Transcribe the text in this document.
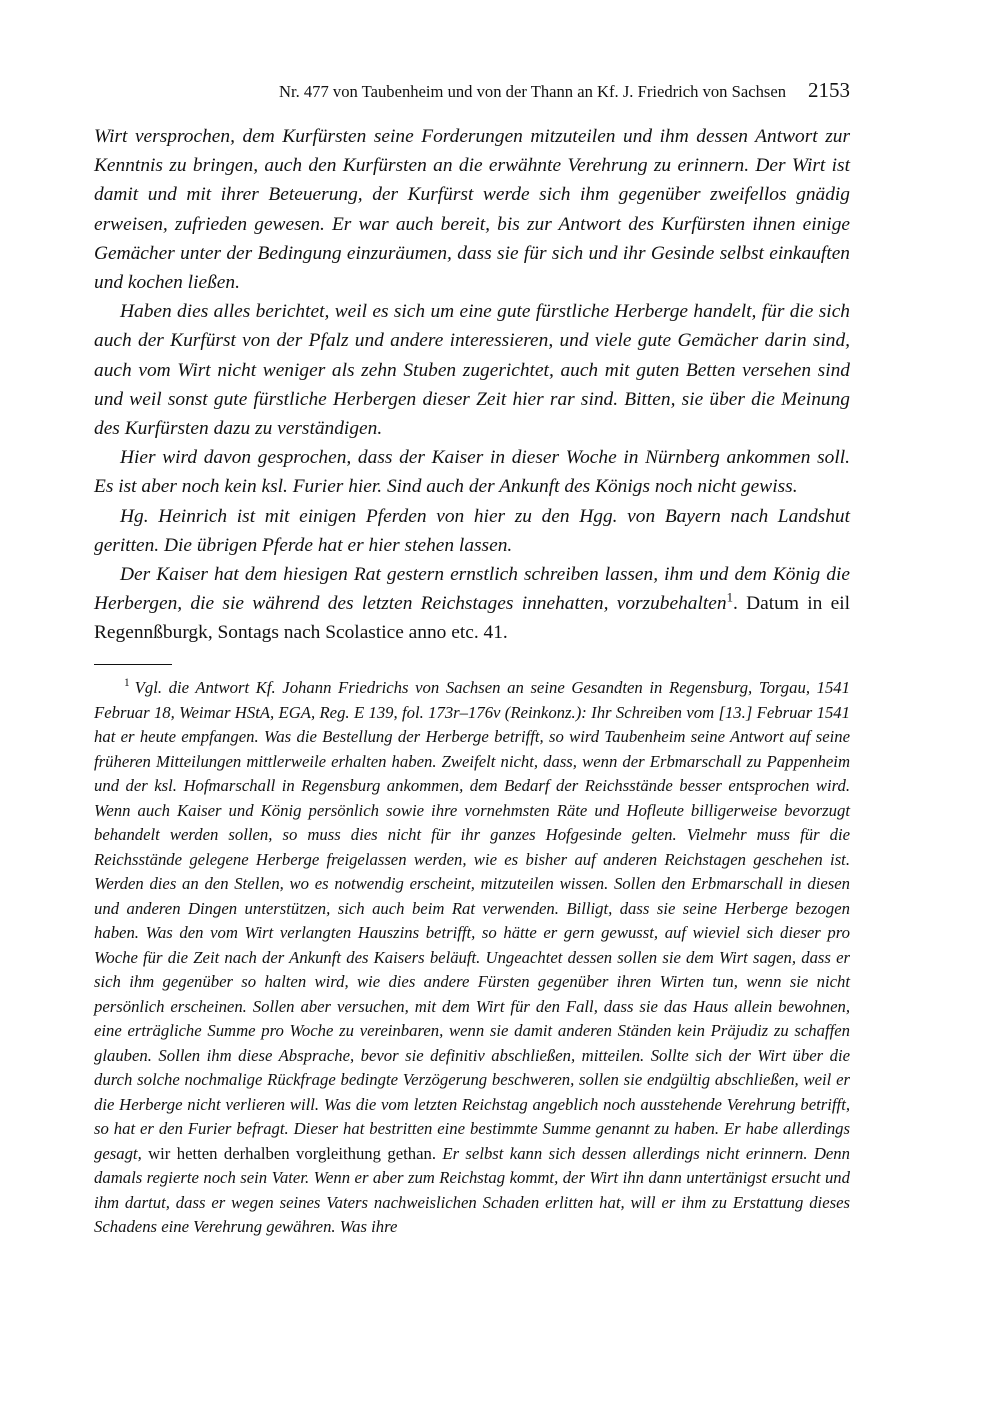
Nr. 477 von Taubenheim und von der Thann an Kf. J. Friedrich von Sachsen 2153

Wirt versprochen, dem Kurfürsten seine Forderungen mitzuteilen und ihm dessen Antwort zur Kenntnis zu bringen, auch den Kurfürsten an die erwähnte Verehrung zu erinnern. Der Wirt ist damit und mit ihrer Beteuerung, der Kurfürst werde sich ihm gegenüber zweifellos gnädig erweisen, zufrieden gewesen. Er war auch bereit, bis zur Antwort des Kurfürsten ihnen einige Gemächer unter der Bedingung einzuräumen, dass sie für sich und ihr Gesinde selbst einkauften und kochen ließen.

Haben dies alles berichtet, weil es sich um eine gute fürstliche Herberge handelt, für die sich auch der Kurfürst von der Pfalz und andere interessieren, und viele gute Gemächer darin sind, auch vom Wirt nicht weniger als zehn Stuben zugerichtet, auch mit guten Betten versehen sind und weil sonst gute fürstliche Herbergen dieser Zeit hier rar sind. Bitten, sie über die Meinung des Kurfürsten dazu zu verständigen.

Hier wird davon gesprochen, dass der Kaiser in dieser Woche in Nürnberg ankommen soll. Es ist aber noch kein ksl. Furier hier. Sind auch der Ankunft des Königs noch nicht gewiss.

Hg. Heinrich ist mit einigen Pferden von hier zu den Hgg. von Bayern nach Landshut geritten. Die übrigen Pferde hat er hier stehen lassen.

Der Kaiser hat dem hiesigen Rat gestern ernstlich schreiben lassen, ihm und dem König die Herbergen, die sie während des letzten Reichstages innehatten, vorzubehalten$^1$. Datum in eil Regennßburgk, Sontags nach Scolastice anno etc. 41.

$^1$ Vgl. die Antwort Kf. Johann Friedrichs von Sachsen an seine Gesandten in Regensburg, Torgau, 1541 Februar 18, Weimar HStA, EGA, Reg. E 139, fol. 173r–176v (Reinkonz.): Ihr Schreiben vom [13.] Februar 1541 hat er heute empfangen. Was die Bestellung der Herberge betrifft, so wird Taubenheim seine Antwort auf seine früheren Mitteilungen mittlerweile erhalten haben. Zweifelt nicht, dass, wenn der Erbmarschall zu Pappenheim und der ksl. Hofmarschall in Regensburg ankommen, dem Bedarf der Reichsstände besser entsprochen wird. Wenn auch Kaiser und König persönlich sowie ihre vornehmsten Räte und Hofleute billigerweise bevorzugt behandelt werden sollen, so muss dies nicht für ihr ganzes Hofgesinde gelten. Vielmehr muss für die Reichsstände gelegene Herberge freigelassen werden, wie es bisher auf anderen Reichstagen geschehen ist. Werden dies an den Stellen, wo es notwendig erscheint, mitzuteilen wissen. Sollen den Erbmarschall in diesen und anderen Dingen unterstützen, sich auch beim Rat verwenden. Billigt, dass sie seine Herberge bezogen haben. Was den vom Wirt verlangten Hauszins betrifft, so hätte er gern gewusst, auf wieviel sich dieser pro Woche für die Zeit nach der Ankunft des Kaisers beläuft. Ungeachtet dessen sollen sie dem Wirt sagen, dass er sich ihm gegenüber so halten wird, wie dies andere Fürsten gegenüber ihren Wirten tun, wenn sie nicht persönlich erscheinen. Sollen aber versuchen, mit dem Wirt für den Fall, dass sie das Haus allein bewohnen, eine erträgliche Summe pro Woche zu vereinbaren, wenn sie damit anderen Ständen kein Präjudiz zu schaffen glauben. Sollen ihm diese Absprache, bevor sie definitiv abschließen, mitteilen. Sollte sich der Wirt über die durch solche nochmalige Rückfrage bedingte Verzögerung beschweren, sollen sie endgültig abschließen, weil er die Herberge nicht verlieren will. Was die vom letzten Reichstag angeblich noch ausstehende Verehrung betrifft, so hat er den Furier befragt. Dieser hat bestritten eine bestimmte Summe genannt zu haben. Er habe allerdings gesagt, wir hetten derhalben vorgleithung gethan. Er selbst kann sich dessen allerdings nicht erinnern. Denn damals regierte noch sein Vater. Wenn er aber zum Reichstag kommt, der Wirt ihn dann untertänigst ersucht und ihm dartut, dass er wegen seines Vaters nachweislichen Schaden erlitten hat, will er ihm zu Erstattung dieses Schadens eine Verehrung gewähren. Was ihre
